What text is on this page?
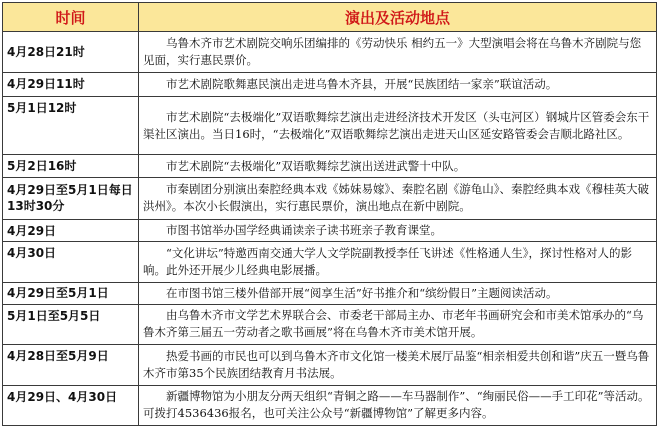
时间	演出及活动地点
4月28日21时	乌鲁木齐市艺术剧院交响乐团编排的《劳动快乐 相约五一》大型演唱会将在乌鲁木齐剧院与您见面，实行惠民票价。
4月29日11时	市艺术剧院歌舞惠民演出走进乌鲁木齐县，开展“民族团结一家亲”联谊活动。
5月1日12时	市艺术剧院“去极端化”双语歌舞综艺演出走进经济技术开发区（头屯河区）钢城片区管委会东干渠社区演出。当日16时，“去极端化”双语歌舞综艺演出走进天山区延安路管委会吉顺北路社区。
5月2日16时	市艺术剧院“去极端化”双语歌舞综艺演出送进武警十中队。
4月29日至5月1日每日13时30分	市秦剧团分别演出秦腔经典本戏《姊妹易嫁》、秦腔名剧《游龟山》、秦腔经典本戏《穆桂英大破洪州》。本次小长假演出，实行惠民票价，演出地点在新中剧院。
4月29日	市图书馆举办国学经典诵读亲子读书班亲子教育课堂。
4月30日	“文化讲坛”特邀西南交通大学人文学院副教授李任飞讲述《性格通人生》，探讨性格对人的影响。此外还开展少儿经典电影展播。
4月29日至5月1日	在市图书馆三楼外借部开展“阅享生活”好书推介和“缤纷假日”主题阅读活动。
5月1日至5月5日	由乌鲁木齐市文学艺术界联合会、市委老干部局主办、市老年书画研究会和市美术馆承办的“乌鲁木齐第三届五一劳动者之歌书画展”将在乌鲁木齐市美术馆开展。
4月28日至5月9日	热爱书画的市民也可以到乌鲁木齐市文化馆一楼美术展厅品鉴“相亲相爱共创和谐”庆五一暨乌鲁木齐市第35个民族团结教育月书法展。
4月29日、4月30日	新疆博物馆为小朋友分两天组织“青铜之路——车马器制作”、“绚丽民俗——手工印花”等活动。可拨打4536436报名，也可关注公众号“新疆博物馆”了解更多内容。
